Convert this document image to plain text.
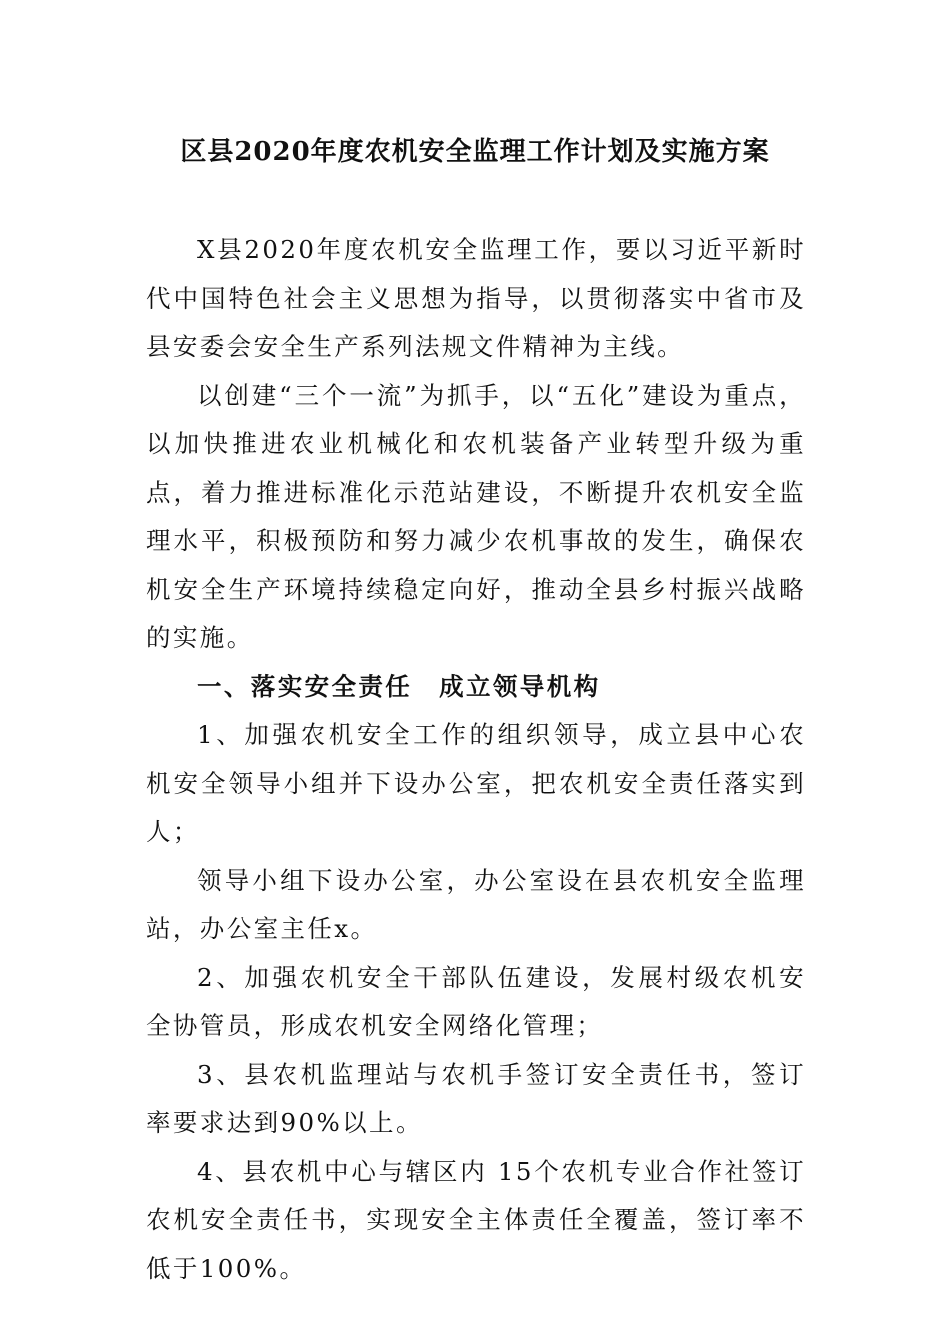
区县2020年度农机安全监理工作计划及实施方案

X县2020年度农机安全监理工作，要以习近平新时代中国特色社会主义思想为指导，以贯彻落实中省市及县安委会安全生产系列法规文件精神为主线。

以创建“三个一流”为抓手，以“五化”建设为重点，以加快推进农业机械化和农机装备产业转型升级为重点，着力推进标准化示范站建设，不断提升农机安全监理水平，积极预防和努力减少农机事故的发生，确保农机安全生产环境持续稳定向好，推动全县乡村振兴战略的实施。

一、落实安全责任　成立领导机构

1、加强农机安全工作的组织领导，成立县中心农机安全领导小组并下设办公室，把农机安全责任落实到人；

领导小组下设办公室，办公室设在县农机安全监理站，办公室主任x。

2、加强农机安全干部队伍建设，发展村级农机安全协管员，形成农机安全网络化管理；

3、县农机监理站与农机手签订安全责任书，签订率要求达到90%以上。

4、县农机中心与辖区内 15个农机专业合作社签订农机安全责任书，实现安全主体责任全覆盖，签订率不低于100%。
